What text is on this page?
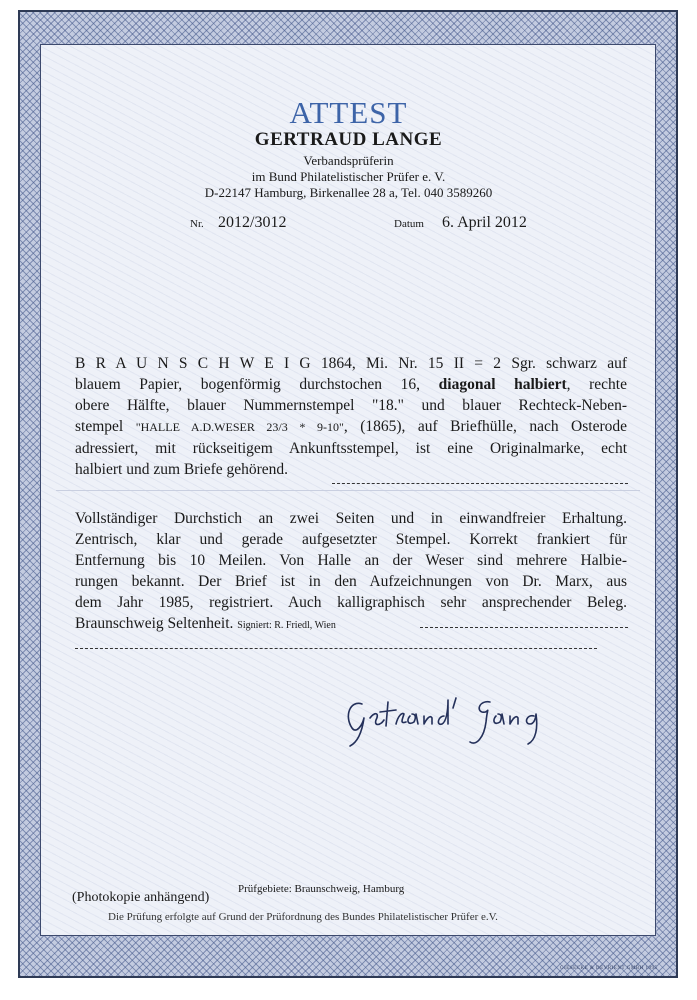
ATTEST
GERTRAUD LANGE
Verbandsprüferin
im Bund Philatelistischer Prüfer e. V.
D-22147 Hamburg, Birkenallee 28 a, Tel. 040 3589260
Nr. 2012/3012	Datum 6. April 2012
B R A U N S C H W E I G 1864, Mi. Nr. 15 II = 2 Sgr. schwarz auf
blauem Papier, bogenförmig durchstochen 16, diagonal halbiert, rechte
obere Hälfte, blauer Nummernstempel "18." und blauer Rechteck-Neben-
stempel "HALLE A.D.WESER 23/3 * 9-10", (1865), auf Briefhülle, nach Osterode
adressiert, mit rückseitigem Ankunftsstempel, ist eine Originalmarke, echt
halbiert und zum Briefe gehörend.
Vollständiger Durchstich an zwei Seiten und in einwandfreier Erhaltung.
Zentrisch, klar und gerade aufgesetzter Stempel. Korrekt frankiert für
Entfernung bis 10 Meilen. Von Halle an der Weser sind mehrere Halbie-
rungen bekannt. Der Brief ist in den Aufzeichnungen von Dr. Marx, aus
dem Jahr 1985, registriert. Auch kalligraphisch sehr ansprechender Beleg.
Braunschweig Seltenheit. Signiert: R. Friedl, Wien
Prüfgebiete: Braunschweig, Hamburg
(Photokopie anhängend)
Die Prüfung erfolgte auf Grund der Prüfordnung des Bundes Philatelistischer Prüfer e.V.
GIESECKE & DEVRIENT GMBH 1995
